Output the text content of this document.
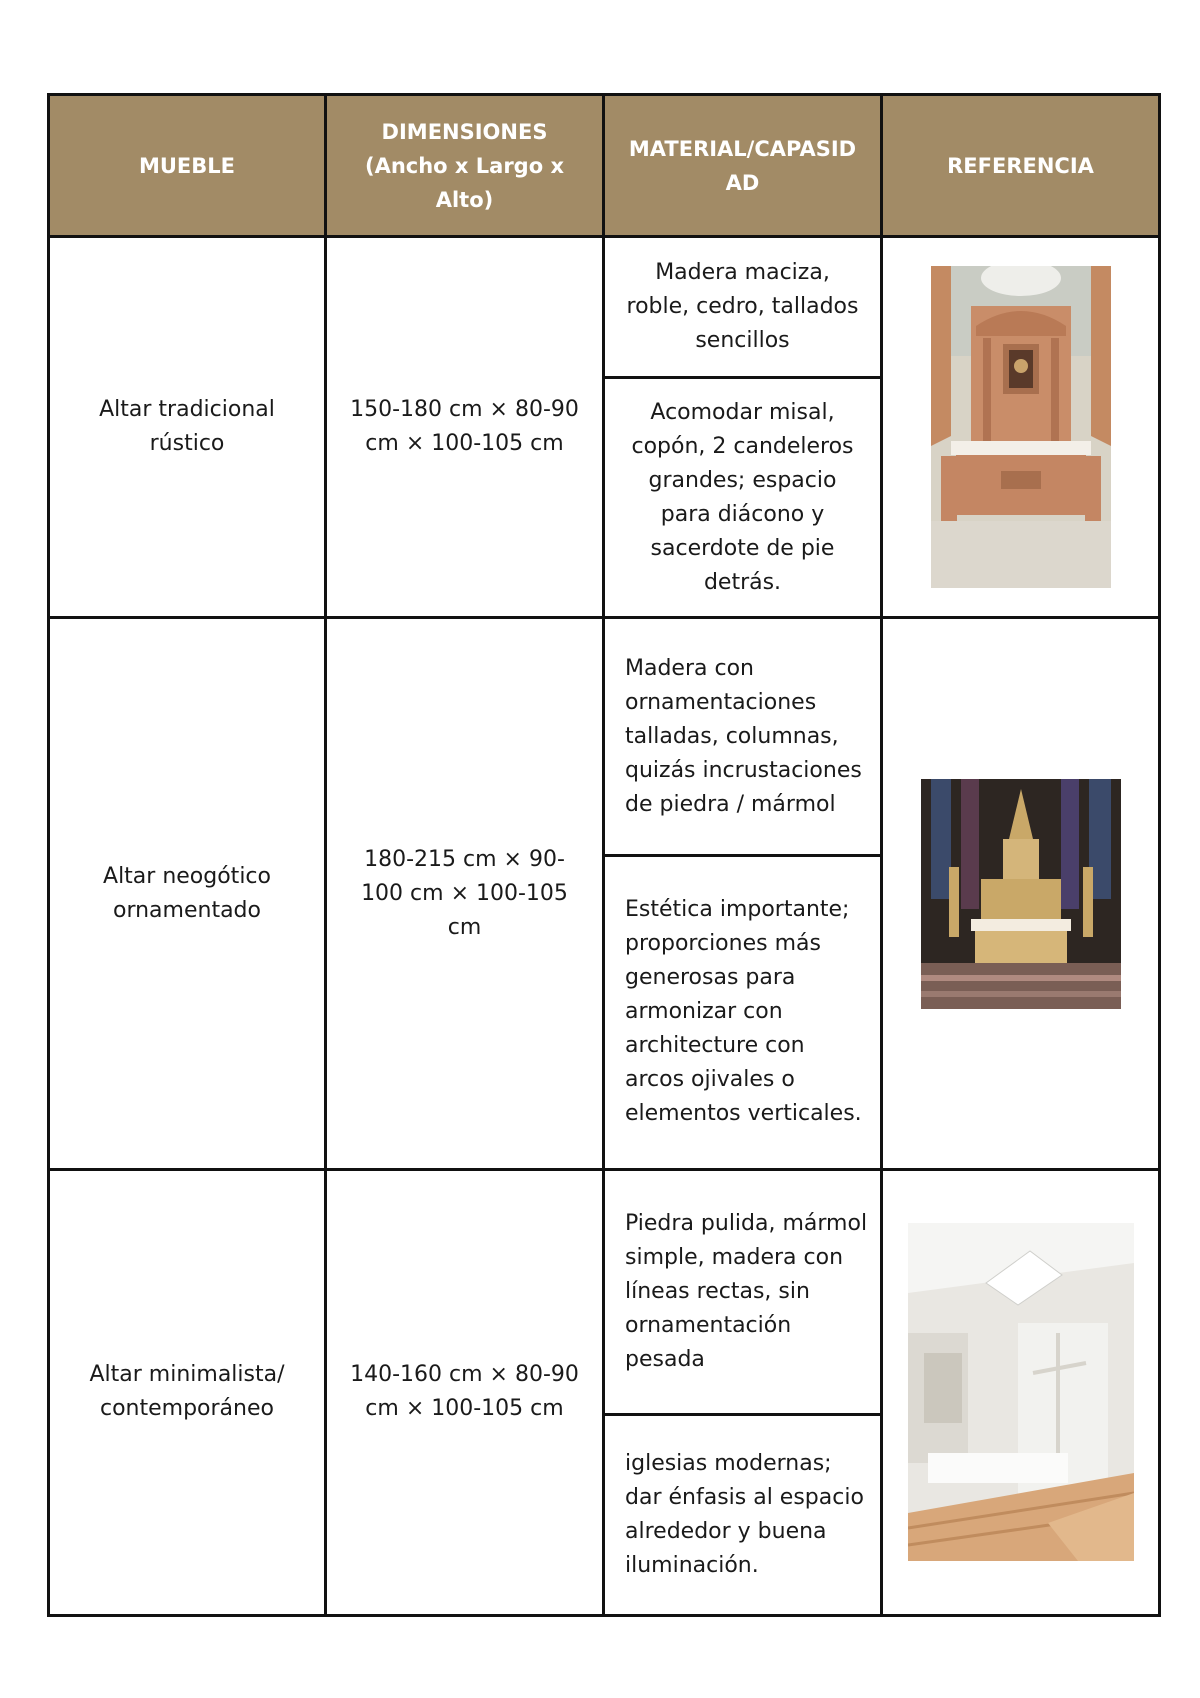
MUEBLE	DIMENSIONES (Ancho x Largo x Alto)	MATERIAL/CAPASIDAD	REFERENCIA

Altar tradicional rústico	150-180 cm × 80-90 cm × 100-105 cm	Madera maciza, roble, cedro, tallados sencillos

		Acomodar misal, copón, 2 candeleros grandes; espacio para diácono y sacerdote de pie detrás.	

Altar neogótico ornamentado	180-215 cm × 90-100 cm × 100-105 cm	Madera con ornamentaciones talladas, columnas, quizás incrustaciones de piedra / mármol

		Estética importante; proporciones más generosas para armonizar con architecture con arcos ojivales o elementos verticales.	

Altar minimalista/ contemporáneo	140-160 cm × 80-90 cm × 100-105 cm	Piedra pulida, mármol simple, madera con líneas rectas, sin ornamentación pesada

		iglesias modernas; dar énfasis al espacio alrededor y buena iluminación.	
